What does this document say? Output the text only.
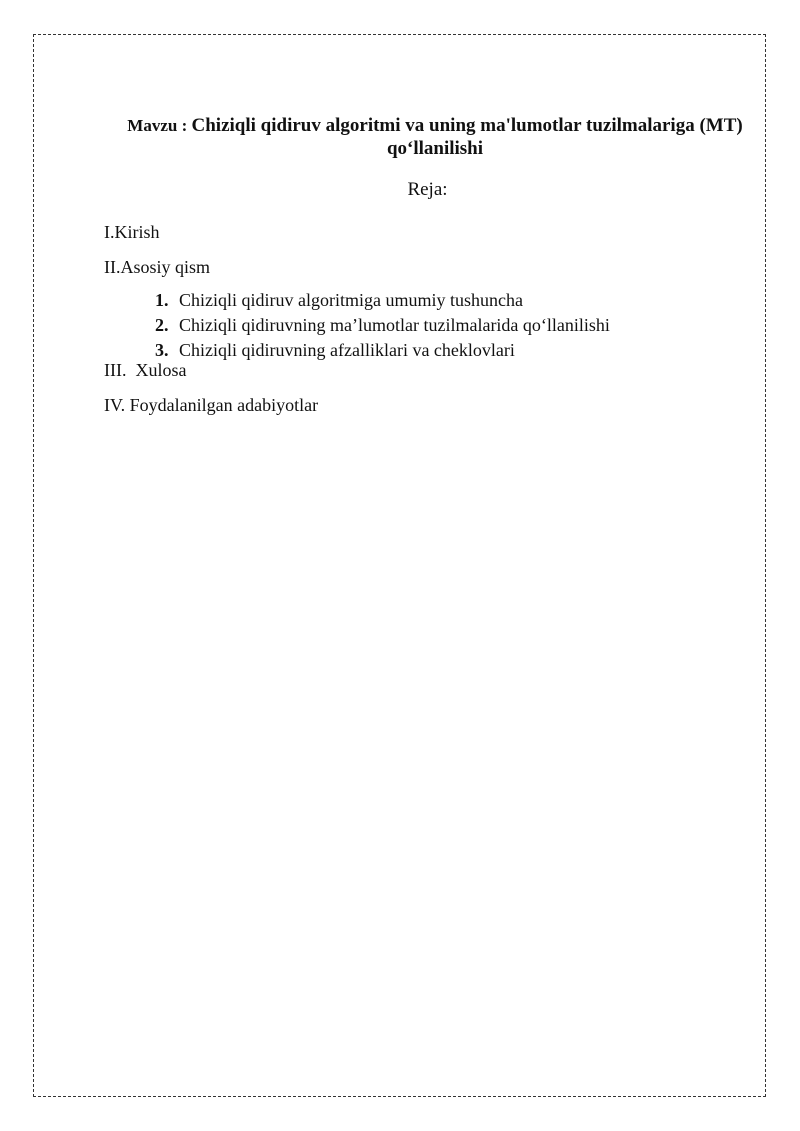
Mavzu : Chiziqli qidiruv algoritmi va uning ma'lumotlar tuzilmalariga (MT)
qo‘llanilishi
Reja:
I.Kirish
II.Asosiy qism
1. Chiziqli qidiruv algoritmiga umumiy tushuncha
2. Chiziqli qidiruvning ma’lumotlar tuzilmalarida qo‘llanilishi
3. Chiziqli qidiruvning afzalliklari va cheklovlari
III.  Xulosa
IV. Foydalanilgan adabiyotlar
